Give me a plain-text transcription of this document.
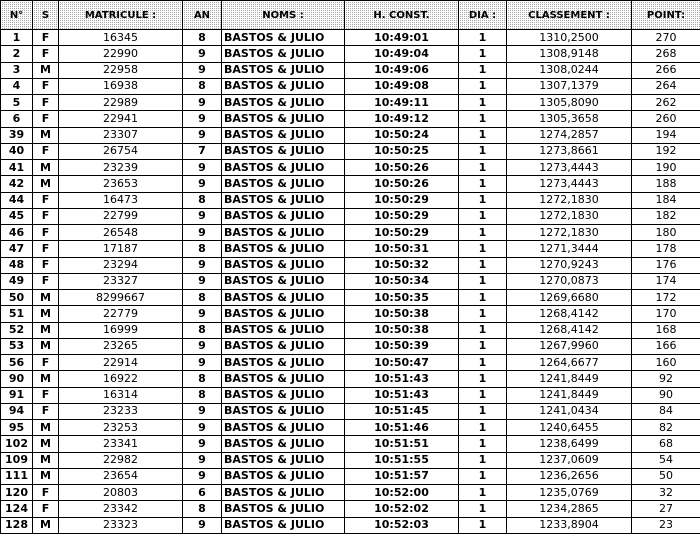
N°	S	MATRICULE :	AN	NOMS :	H. CONST.	DIA :	CLASSEMENT :	POINT:
1	F	16345	8	BASTOS & JULIO	10:49:01	1	1310,2500	270
2	F	22990	9	BASTOS & JULIO	10:49:04	1	1308,9148	268
3	M	22958	9	BASTOS & JULIO	10:49:06	1	1308,0244	266
4	F	16938	8	BASTOS & JULIO	10:49:08	1	1307,1379	264
5	F	22989	9	BASTOS & JULIO	10:49:11	1	1305,8090	262
6	F	22941	9	BASTOS & JULIO	10:49:12	1	1305,3658	260
39	M	23307	9	BASTOS & JULIO	10:50:24	1	1274,2857	194
40	F	26754	7	BASTOS & JULIO	10:50:25	1	1273,8661	192
41	M	23239	9	BASTOS & JULIO	10:50:26	1	1273,4443	190
42	M	23653	9	BASTOS & JULIO	10:50:26	1	1273,4443	188
44	F	16473	8	BASTOS & JULIO	10:50:29	1	1272,1830	184
45	F	22799	9	BASTOS & JULIO	10:50:29	1	1272,1830	182
46	F	26548	9	BASTOS & JULIO	10:50:29	1	1272,1830	180
47	F	17187	8	BASTOS & JULIO	10:50:31	1	1271,3444	178
48	F	23294	9	BASTOS & JULIO	10:50:32	1	1270,9243	176
49	F	23327	9	BASTOS & JULIO	10:50:34	1	1270,0873	174
50	M	8299667	8	BASTOS & JULIO	10:50:35	1	1269,6680	172
51	M	22779	9	BASTOS & JULIO	10:50:38	1	1268,4142	170
52	M	16999	8	BASTOS & JULIO	10:50:38	1	1268,4142	168
53	M	23265	9	BASTOS & JULIO	10:50:39	1	1267,9960	166
56	F	22914	9	BASTOS & JULIO	10:50:47	1	1264,6677	160
90	M	16922	8	BASTOS & JULIO	10:51:43	1	1241,8449	92
91	F	16314	8	BASTOS & JULIO	10:51:43	1	1241,8449	90
94	F	23233	9	BASTOS & JULIO	10:51:45	1	1241,0434	84
95	M	23253	9	BASTOS & JULIO	10:51:46	1	1240,6455	82
102	M	23341	9	BASTOS & JULIO	10:51:51	1	1238,6499	68
109	M	22982	9	BASTOS & JULIO	10:51:55	1	1237,0609	54
111	M	23654	9	BASTOS & JULIO	10:51:57	1	1236,2656	50
120	F	20803	6	BASTOS & JULIO	10:52:00	1	1235,0769	32
124	F	23342	8	BASTOS & JULIO	10:52:02	1	1234,2865	27
128	M	23323	9	BASTOS & JULIO	10:52:03	1	1233,8904	23
